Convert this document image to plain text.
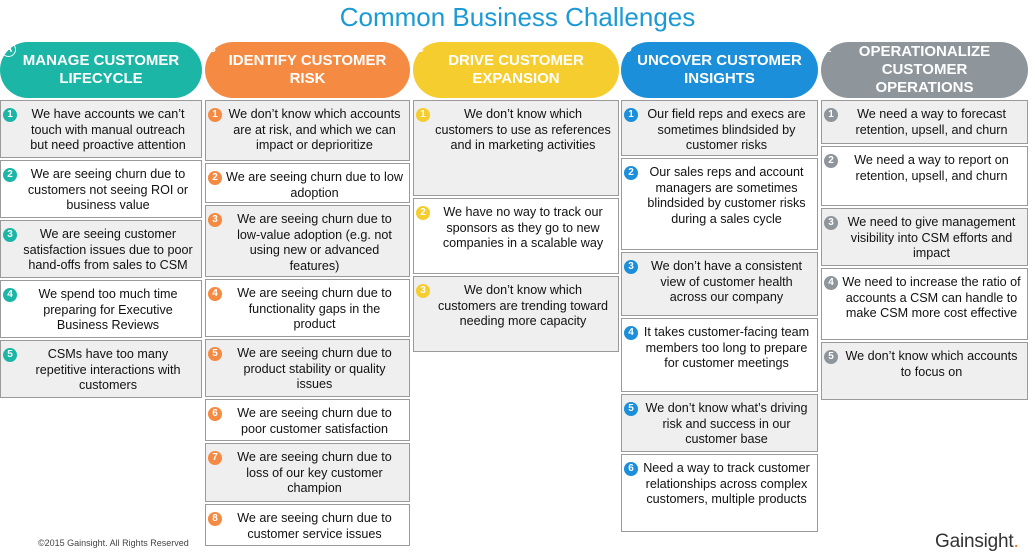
Common Business Challenges
A
MANAGE CUSTOMER LIFECYCLE
1	We have accounts we can’t touch with manual outreach but need proactive attention
2	We are seeing churn due to customers not seeing ROI or business value
3	We are seeing customer satisfaction issues due to poor hand-offs from sales to CSM
4	We spend too much time preparing for Executive Business Reviews
5	CSMs have too many repetitive interactions with customers
B
IDENTIFY CUSTOMER RISK
1 We don’t know which accounts are at risk, and which we can impact or deprioritize
2 We are seeing churn due to low adoption
3	We are seeing churn due to low-value adoption (e.g. not using new or advanced features)
4	We are seeing churn due to functionality gaps in the product
5	We are seeing churn due to product stability or quality issues
6	We are seeing churn due to poor customer satisfaction
7	We are seeing churn due to loss of our key customer champion
8	We are seeing churn due to customer service issues
C
DRIVE CUSTOMER EXPANSION
1	We don’t know which customers to use as references and in marketing activities
2	We have no way to track our sponsors as they go to new companies in a scalable way
3	We don’t know which customers are trending toward needing more capacity
D
UNCOVER CUSTOMER INSIGHTS
1	Our field reps and execs are sometimes blindsided by customer risks
2	Our sales reps and account managers are sometimes blindsided by customer risks during a sales cycle
3	We don’t have a consistent view of customer health across our company
4 It takes customer-facing team members too long to prepare for customer meetings
5 We don’t know what’s driving risk and success in our customer base
6 Need a way to track customer relationships across complex customers, multiple products
E	OPERATIONALIZE CUSTOMER OPERATIONS
1	We need a way to forecast retention, upsell, and churn
2	We need a way to report on retention, upsell, and churn
3	We need to give management visibility into CSM efforts and impact
4 We need to increase the ratio of accounts a CSM can handle to make CSM more cost effective
5 We don’t know which accounts to focus on
©2015 Gainsight. All Rights Reserved	Gainsight.
